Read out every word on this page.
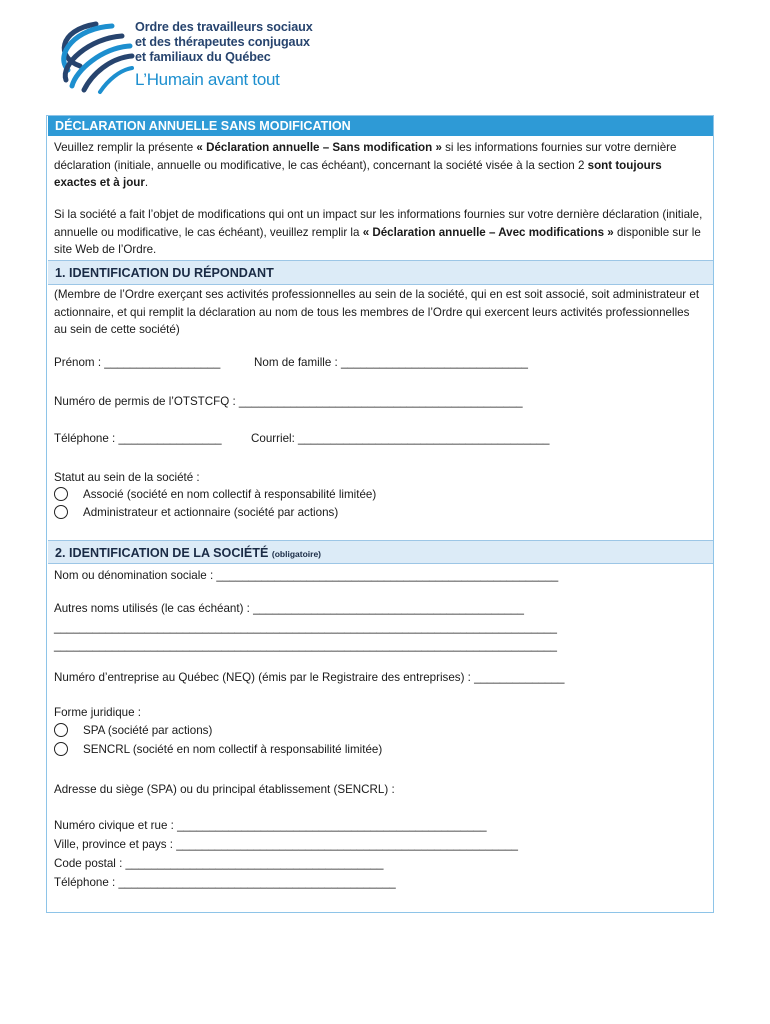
Ordre des travailleurs sociaux
et des thérapeutes conjugaux
et familiaux du Québec
L’Humain avant tout
DÉCLARATION ANNUELLE SANS MODIFICATION
Veuillez remplir la présente « Déclaration annuelle – Sans modification » si les informations fournies sur votre dernière déclaration (initiale, annuelle ou modificative, le cas échéant), concernant la société visée à la section 2 sont toujours exactes et à jour.
Si la société a fait l’objet de modifications qui ont un impact sur les informations fournies sur votre dernière déclaration (initiale, annuelle ou modificative, le cas échéant), veuillez remplir la « Déclaration annuelle – Avec modifications » disponible sur le site Web de l’Ordre.
1. IDENTIFICATION DU RÉPONDANT
(Membre de l’Ordre exerçant ses activités professionnelles au sein de la société, qui en est soit associé, soit administrateur et actionnaire, et qui remplit la déclaration au nom de tous les membres de l’Ordre qui exercent leurs activités professionnelles au sein de cette société)
Prénom : __________________	Nom de famille : _____________________________
Numéro de permis de l’OTSTCFQ : ____________________________________________
Téléphone : ________________	Courriel: _______________________________________
Statut au sein de la société :
Associé (société en nom collectif à responsabilité limitée)
Administrateur et actionnaire (société par actions)
2. IDENTIFICATION DE LA SOCIÉTÉ (obligatoire)
Nom ou dénomination sociale : _____________________________________________________
Autres noms utilisés (le cas échéant) : __________________________________________
______________________________________________________________________________
______________________________________________________________________________
Numéro d’entreprise au Québec (NEQ) (émis par le Registraire des entreprises) : ______________
Forme juridique :
SPA (société par actions)
SENCRL (société en nom collectif à responsabilité limitée)
Adresse du siège (SPA) ou du principal établissement (SENCRL) :
Numéro civique et rue : ________________________________________________
Ville, province et pays : _____________________________________________________
Code postal : ________________________________________
Téléphone : ___________________________________________
